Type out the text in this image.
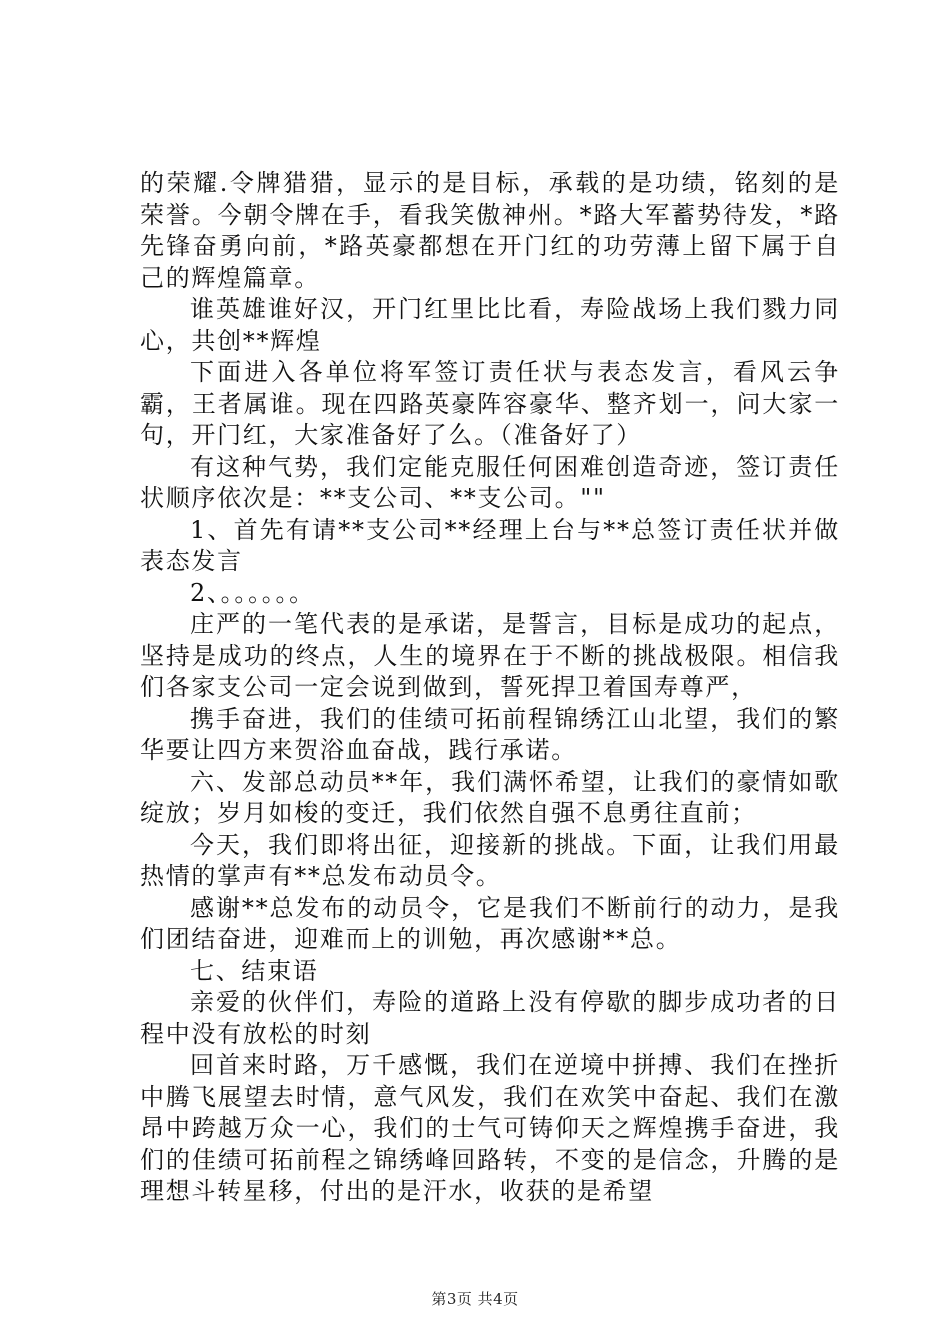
的荣耀.令牌猎猎，显示的是目标，承载的是功绩，铭刻的是荣誉。今朝令牌在手，看我笑傲神州。*路大军蓄势待发，*路先锋奋勇向前，*路英豪都想在开门红的功劳薄上留下属于自己的辉煌篇章。

谁英雄谁好汉，开门红里比比看，寿险战场上我们戮力同心，共创**辉煌

下面进入各单位将军签订责任状与表态发言，看风云争霸，王者属谁。现在四路英豪阵容豪华、整齐划一，问大家一句，开门红，大家准备好了么。（准备好了）

有这种气势，我们定能克服任何困难创造奇迹，签订责任状顺序依次是：**支公司、**支公司。""

1、首先有请**支公司**经理上台与**总签订责任状并做表态发言

2、。。。。。。

庄严的一笔代表的是承诺，是誓言，目标是成功的起点，坚持是成功的终点，人生的境界在于不断的挑战极限。相信我们各家支公司一定会说到做到，誓死捍卫着国寿尊严，

携手奋进，我们的佳绩可拓前程锦绣江山北望，我们的繁华要让四方来贺浴血奋战，践行承诺。

六、发部总动员**年，我们满怀希望，让我们的豪情如歌绽放；岁月如梭的变迁，我们依然自强不息勇往直前；

今天，我们即将出征，迎接新的挑战。下面，让我们用最热情的掌声有**总发布动员令。

感谢**总发布的动员令，它是我们不断前行的动力，是我们团结奋进，迎难而上的训勉，再次感谢**总。

七、结束语

亲爱的伙伴们，寿险的道路上没有停歇的脚步成功者的日程中没有放松的时刻

回首来时路，万千感慨，我们在逆境中拼搏、我们在挫折中腾飞展望去时情，意气风发，我们在欢笑中奋起、我们在激昂中跨越万众一心，我们的士气可铸仰天之辉煌携手奋进，我们的佳绩可拓前程之锦绣峰回路转，不变的是信念，升腾的是理想斗转星移，付出的是汗水，收获的是希望

第3页 共4页
